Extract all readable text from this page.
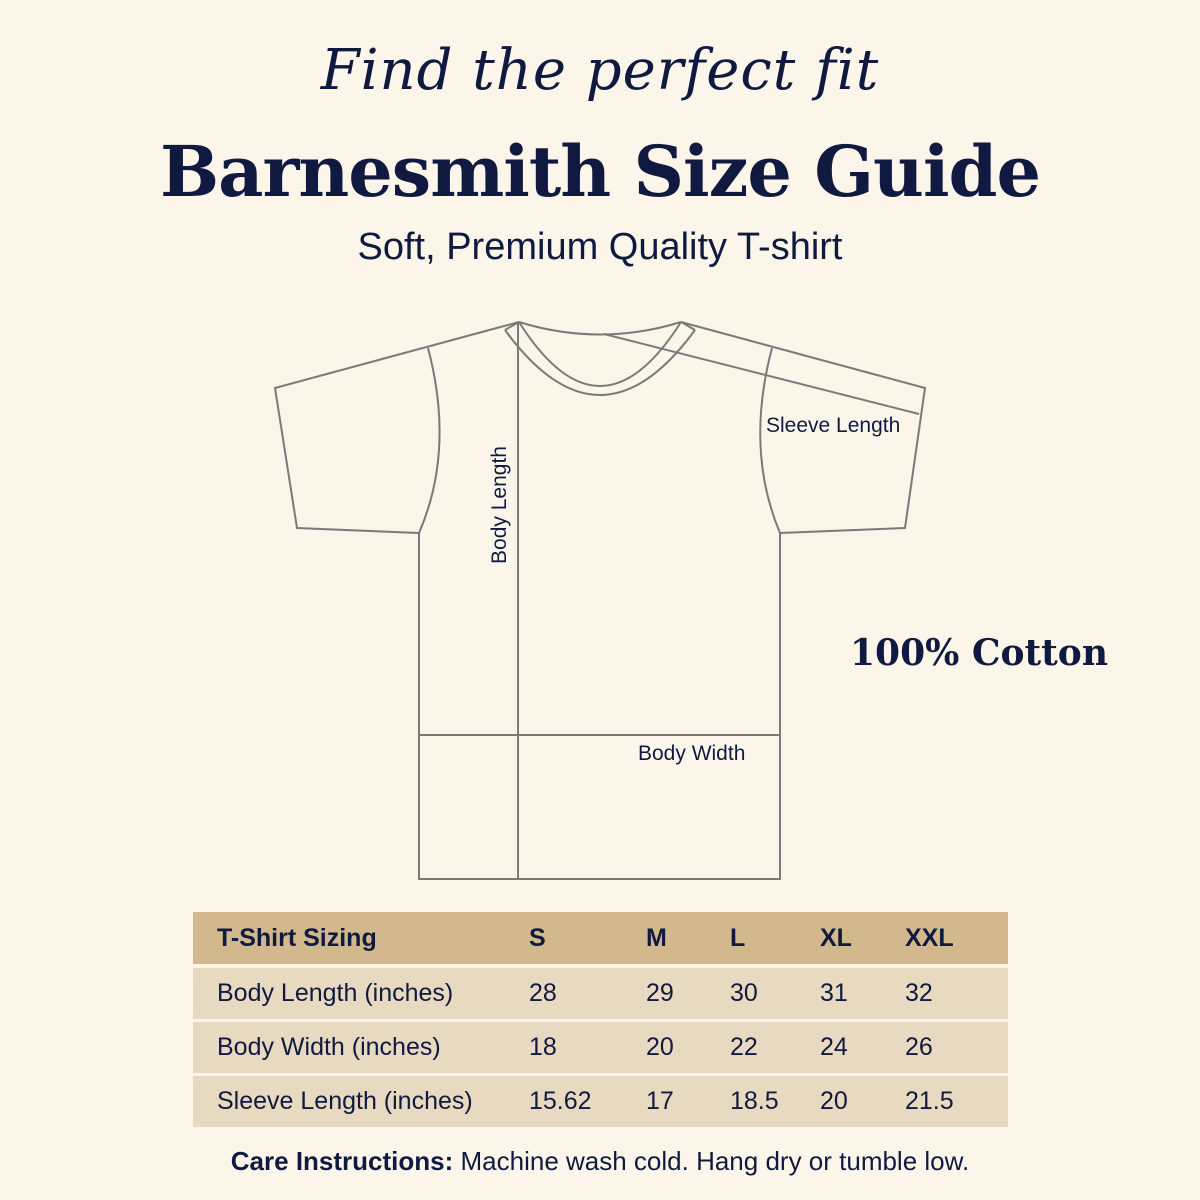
Find the perfect fit
Barnesmith Size Guide
Soft, Premium Quality T-shirt
Body Length
Sleeve Length
Body Width
100% Cotton
T-Shirt Sizing	S	M	L	XL	XXL
Body Length (inches)	28	29	30	31	32
Body Width (inches)	18	20	22	24	26
Sleeve Length (inches)	15.62	17	18.5	20	21.5
Care Instructions: Machine wash cold. Hang dry or tumble low.
